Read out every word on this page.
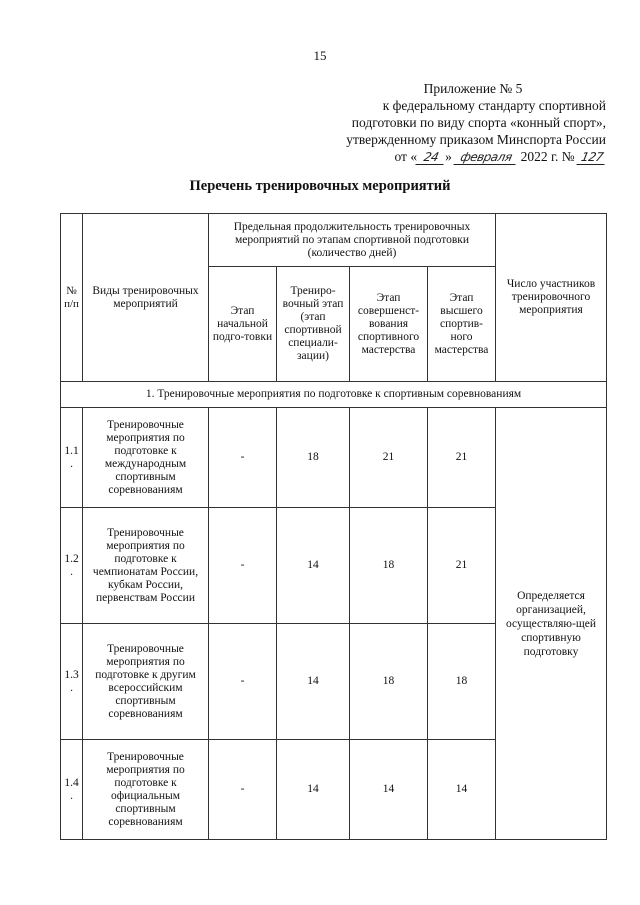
15
Приложение № 5
к федеральному стандарту спортивной
подготовки по виду спорта «конный спорт»,
утвержденному приказом Минспорта России
от « 24 » февраля 2022 г. № 127
Перечень тренировочных мероприятий
№ п/п	Виды тренировочных мероприятий	Предельная продолжительность тренировочных мероприятий по этапам спортивной подготовки (количество дней)				Число участников тренировочного мероприятия
		Этап начальной подго-товки	Трениро-вочный этап (этап спортивной специали-зации)	Этап совершенст-вования спортивного мастерства	Этап высшего спортив-ного мастерства	
1. Тренировочные мероприятия по подготовке к спортивным соревнованиям						
1.1.	Тренировочные мероприятия по подготовке к международным спортивным соревнованиям	-	18	21	21	Определяется организацией, осуществляю-щей спортивную подготовку
1.2.	Тренировочные мероприятия по подготовке к чемпионатам России, кубкам России, первенствам России	-	14	18	21	
1.3.	Тренировочные мероприятия по подготовке к другим всероссийским спортивным соревнованиям	-	14	18	18	
1.4.	Тренировочные мероприятия по подготовке к официальным спортивным соревнованиям	-	14	14	14	
